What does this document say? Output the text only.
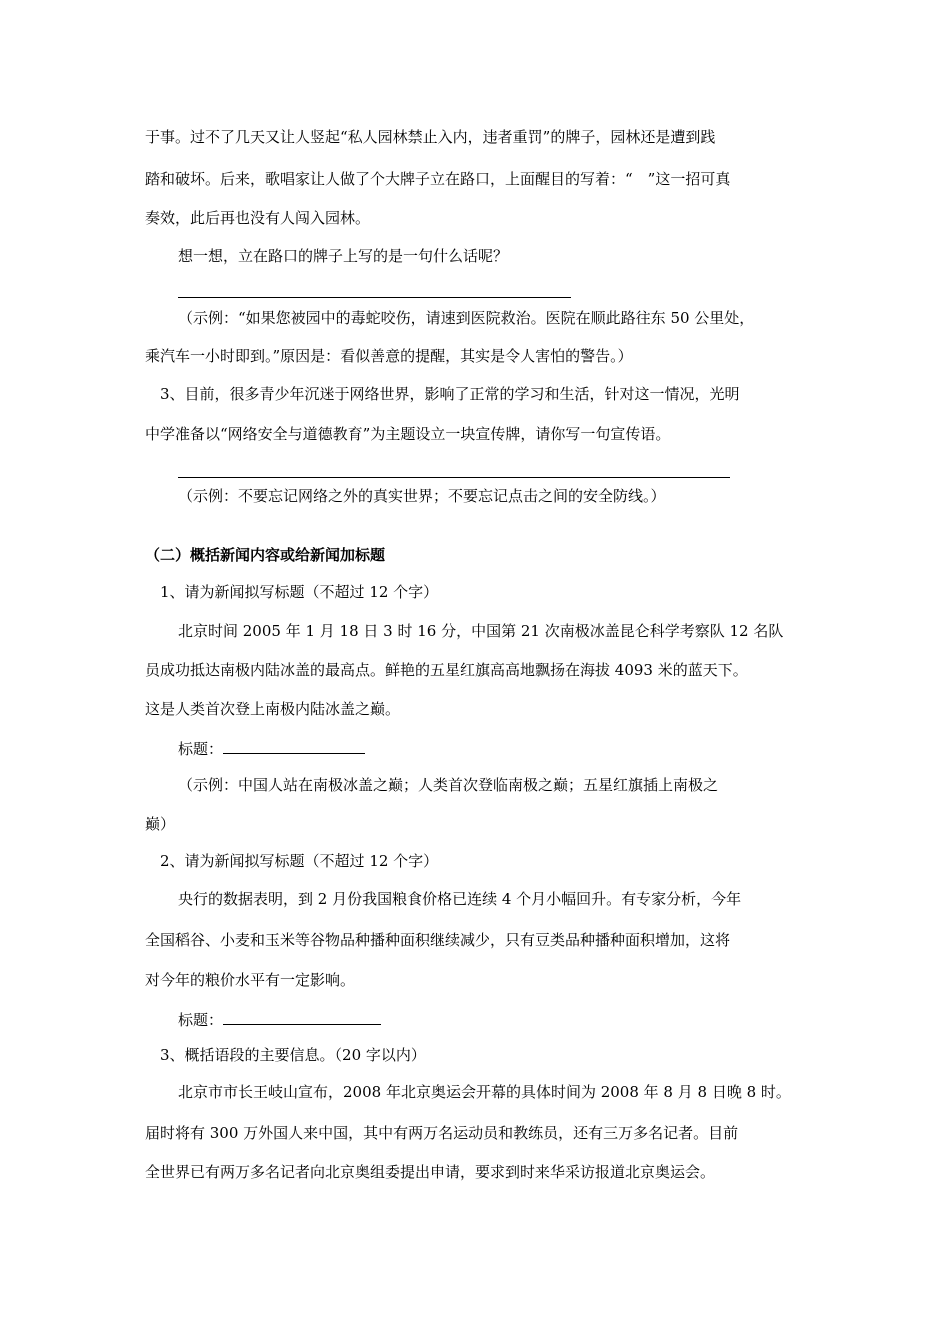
于事。过不了几天又让人竖起“私人园林禁止入内，违者重罚”的牌子，园林还是遭到践
踏和破坏。后来，歌唱家让人做了个大牌子立在路口，上面醒目的写着：“　”这一招可真
奏效，此后再也没有人闯入园林。
想一想，立在路口的牌子上写的是一句什么话呢？
（示例：“如果您被园中的毒蛇咬伤，请速到医院救治。医院在顺此路往东 50 公里处，
乘汽车一小时即到。”原因是：看似善意的提醒，其实是令人害怕的警告。）
3、目前，很多青少年沉迷于网络世界，影响了正常的学习和生活，针对这一情况，光明
中学准备以“网络安全与道德教育”为主题设立一块宣传牌，请你写一句宣传语。
（示例：不要忘记网络之外的真实世界；不要忘记点击之间的安全防线。）
（二）概括新闻内容或给新闻加标题
1、请为新闻拟写标题（不超过 12 个字）
北京时间 2005 年 1 月 18 日 3 时 16 分，中国第 21 次南极冰盖昆仑科学考察队 12 名队
员成功抵达南极内陆冰盖的最高点。鲜艳的五星红旗高高地飘扬在海拔 4093 米的蓝天下。
这是人类首次登上南极内陆冰盖之巅。
标题：
（示例：中国人站在南极冰盖之巅；人类首次登临南极之巅；五星红旗插上南极之
巅）
2、请为新闻拟写标题（不超过 12 个字）
央行的数据表明，到 2 月份我国粮食价格已连续 4 个月小幅回升。有专家分析，今年
全国稻谷、小麦和玉米等谷物品种播种面积继续减少，只有豆类品种播种面积增加，这将
对今年的粮价水平有一定影响。
标题：
3、概括语段的主要信息。（20 字以内）
北京市市长王岐山宣布，2008 年北京奥运会开幕的具体时间为 2008 年 8 月 8 日晚 8 时。
届时将有 300 万外国人来中国，其中有两万名运动员和教练员，还有三万多名记者。目前
全世界已有两万多名记者向北京奥组委提出申请，要求到时来华采访报道北京奥运会。
